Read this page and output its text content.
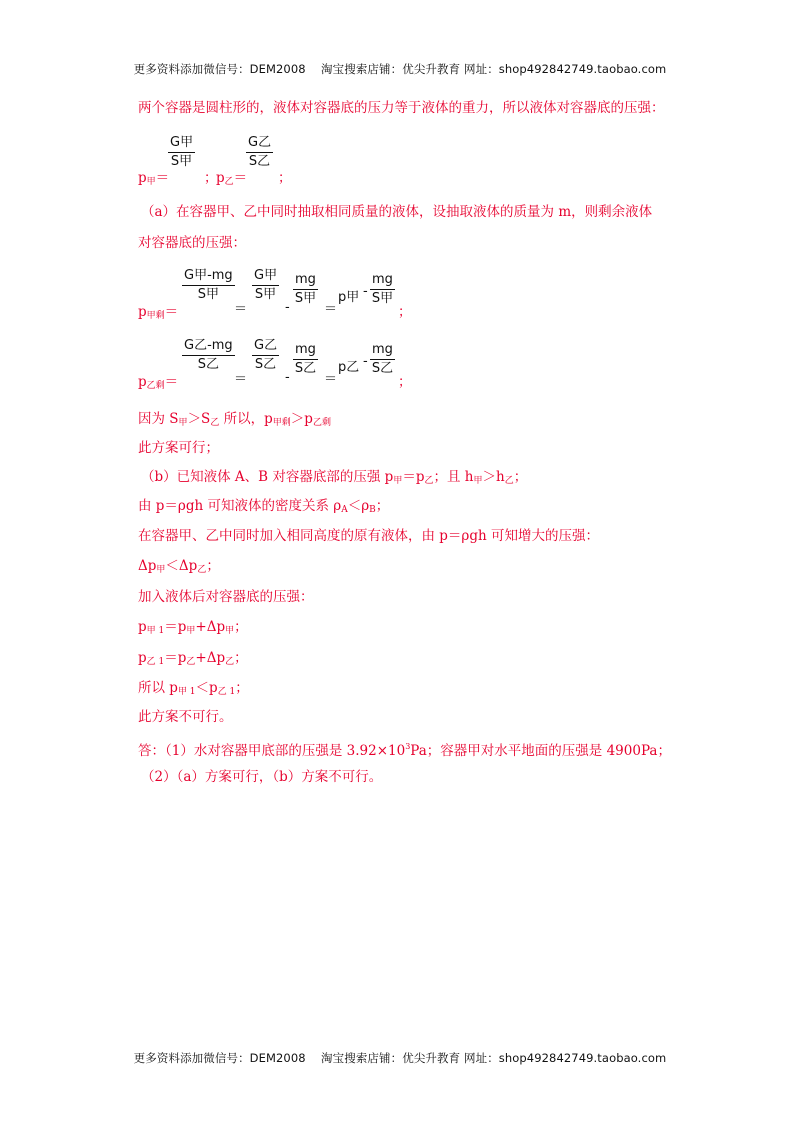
更多资料添加微信号：DEM2008　 淘宝搜索店铺：优尖升教育 网址：shop492842749.taobao.com
两个容器是圆柱形的，液体对容器底的压力等于液体的重力，所以液体对容器底的压强：
$p_甲=$
G甲
S甲
；
$p_乙=$
G乙
S乙
；
（a）在容器甲、乙中同时抽取相同质量的液体，设抽取液体的质量为 m，则剩余液体
对容器底的压强：
$p_{甲剩}=$
G甲-mg
S甲
＝
G甲
S甲
-
mg
S甲
＝
p甲 -
mg
S甲
；
$p_{乙剩}=$
G乙-mg
S乙
＝
G乙
S乙
-
mg
S乙
＝
p乙 -
mg
S乙
；
因为 $S_甲>S_乙$ 所以，$p_{甲剩}>p_{乙剩}$
此方案可行；
（b）已知液体 A、B 对容器底部的压强 $p_甲=p_乙$；且 $h_甲>h_乙$；
由 p＝ρgh 可知液体的密度关系 $\rho_A<\rho_B$；
在容器甲、乙中同时加入相同高度的原有液体，由 p＝ρgh 可知增大的压强：
$\Delta p_甲<\Delta p_乙$；
加入液体后对容器底的压强：
$p_{甲 1}=p_甲+\Delta p_甲$；
$p_{乙 1}=p_乙+\Delta p_乙$；
所以 $p_{甲 1}<p_{乙 1}$；
此方案不可行。
答：（1）水对容器甲底部的压强是 $3.92\times 10^3Pa$；容器甲对水平地面的压强是 4900Pa；
（2）（a）方案可行，（b）方案不可行。
更多资料添加微信号：DEM2008　 淘宝搜索店铺：优尖升教育 网址：shop492842749.taobao.com
